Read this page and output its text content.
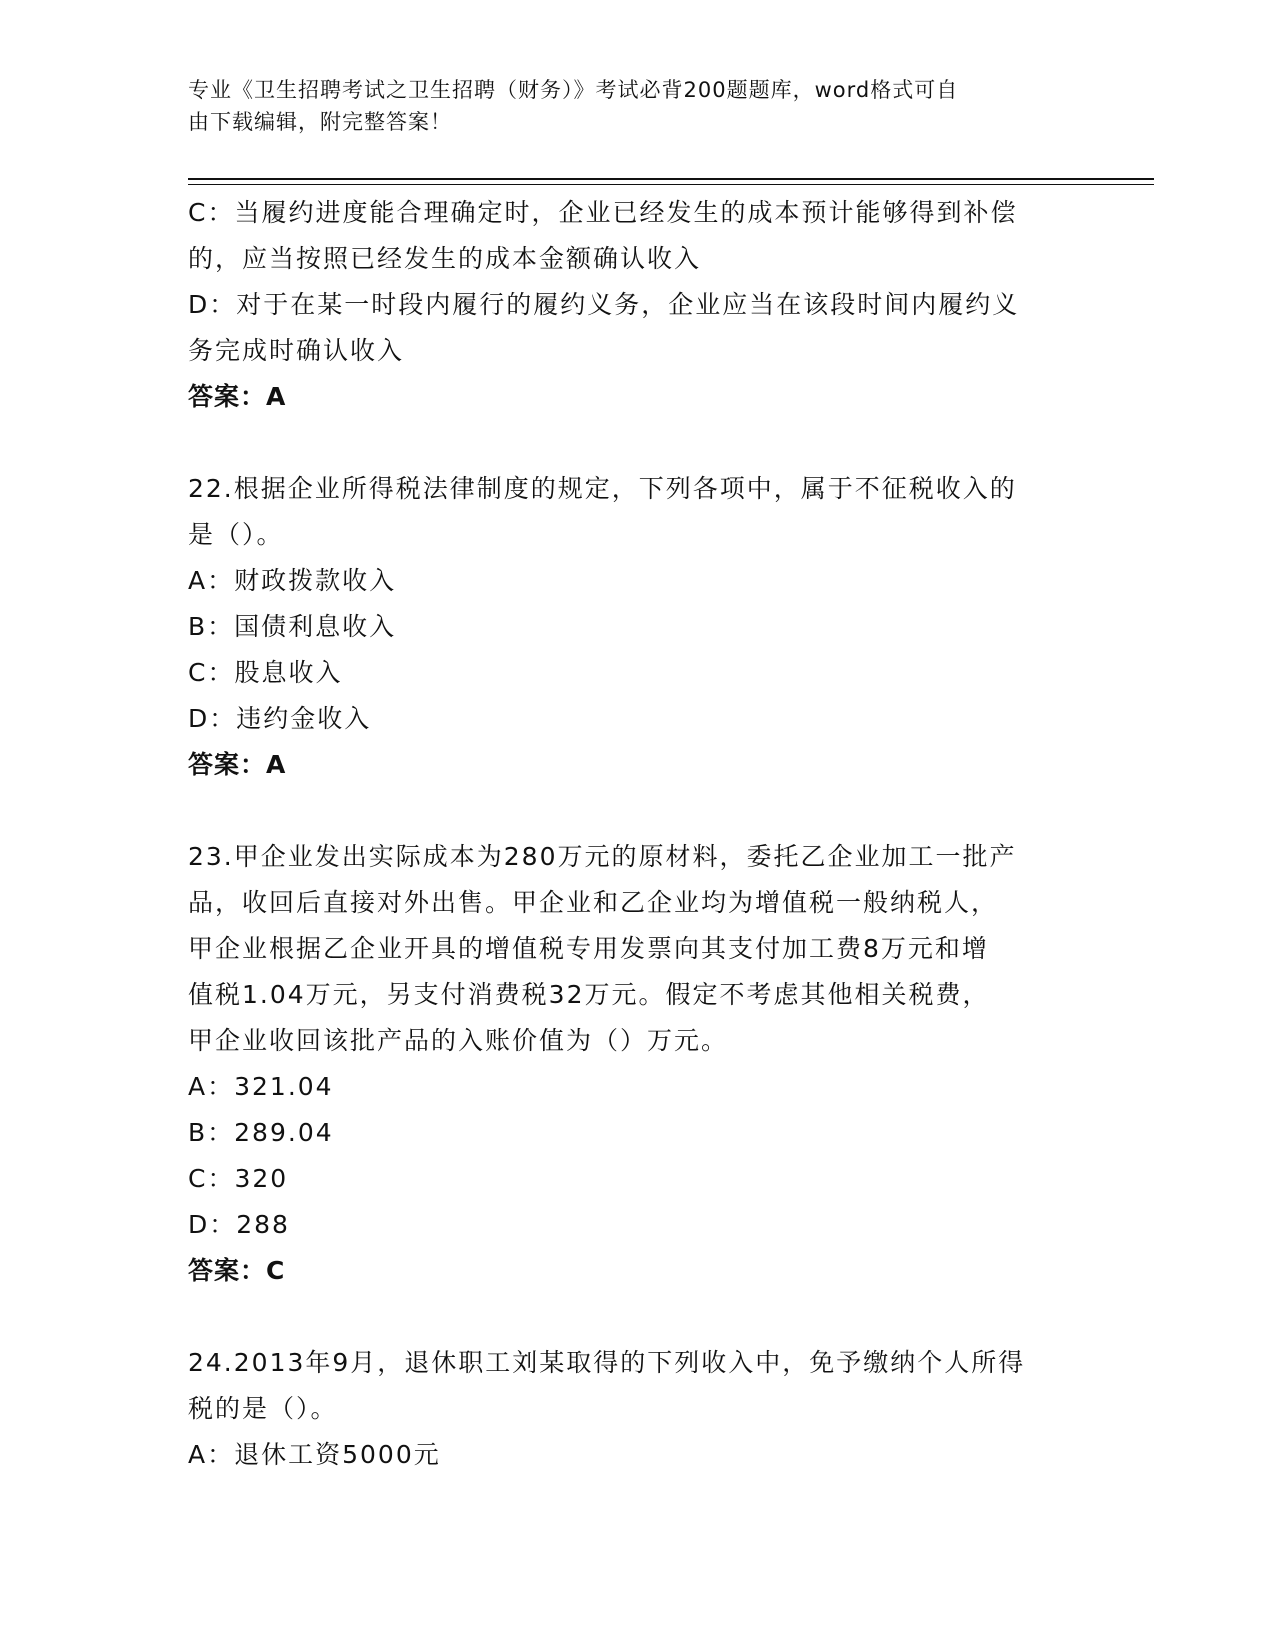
专业《卫生招聘考试之卫生招聘（财务）》考试必背200题题库，word格式可自
由下载编辑，附完整答案！
C：当履约进度能合理确定时，企业已经发生的成本预计能够得到补偿
的，应当按照已经发生的成本金额确认收入
D：对于在某一时段内履行的履约义务，企业应当在该段时间内履约义
务完成时确认收入
答案：A
22.根据企业所得税法律制度的规定，下列各项中，属于不征税收入的
是（）。
A：财政拨款收入
B：国债利息收入
C：股息收入
D：违约金收入
答案：A
23.甲企业发出实际成本为280万元的原材料，委托乙企业加工一批产
品，收回后直接对外出售。甲企业和乙企业均为增值税一般纳税人，
甲企业根据乙企业开具的增值税专用发票向其支付加工费8万元和增
值税1.04万元，另支付消费税32万元。假定不考虑其他相关税费，
甲企业收回该批产品的入账价值为（）万元。
A：321.04
B：289.04
C：320
D：288
答案：C
24.2013年9月，退休职工刘某取得的下列收入中，免予缴纳个人所得
税的是（）。
A：退休工资5000元
